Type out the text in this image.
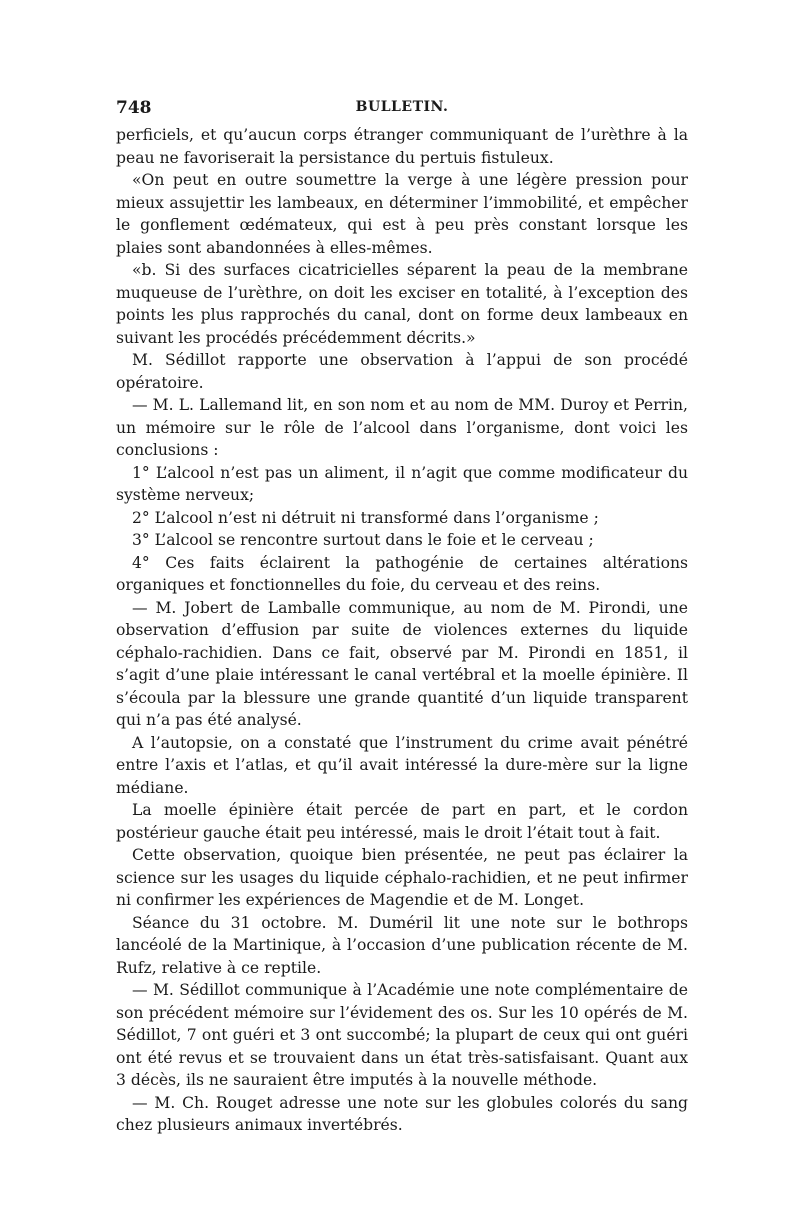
748	BULLETIN.

perficiels, et qu’aucun corps étranger communiquant de l’urèthre à la peau ne favoriserait la persistance du pertuis fistuleux.

«On peut en outre soumettre la verge à une légère pression pour mieux assujettir les lambeaux, en déterminer l’immobilité, et empêcher le gonflement œdémateux, qui est à peu près constant lorsque les plaies sont abandonnées à elles-mêmes.

«b. Si des surfaces cicatricielles séparent la peau de la membrane muqueuse de l’urèthre, on doit les exciser en totalité, à l’exception des points les plus rapprochés du canal, dont on forme deux lambeaux en suivant les procédés précédemment décrits.»

M. Sédillot rapporte une observation à l’appui de son procédé opératoire.

— M. L. Lallemand lit, en son nom et au nom de MM. Duroy et Perrin, un mémoire sur le rôle de l’alcool dans l’organisme, dont voici les conclusions :

1° L’alcool n’est pas un aliment, il n’agit que comme modificateur du système nerveux;

2° L’alcool n’est ni détruit ni transformé dans l’organisme ;

3° L’alcool se rencontre surtout dans le foie et le cerveau ;

4° Ces faits éclairent la pathogénie de certaines altérations organiques et fonctionnelles du foie, du cerveau et des reins.

— M. Jobert de Lamballe communique, au nom de M. Pirondi, une observation d’effusion par suite de violences externes du liquide céphalo-rachidien. Dans ce fait, observé par M. Pirondi en 1851, il s’agit d’une plaie intéressant le canal vertébral et la moelle épinière. Il s’écoula par la blessure une grande quantité d’un liquide transparent qui n’a pas été analysé.

A l’autopsie, on a constaté que l’instrument du crime avait pénétré entre l’axis et l’atlas, et qu’il avait intéressé la dure-mère sur la ligne médiane.

La moelle épinière était percée de part en part, et le cordon postérieur gauche était peu intéressé, mais le droit l’était tout à fait.

Cette observation, quoique bien présentée, ne peut pas éclairer la science sur les usages du liquide céphalo-rachidien, et ne peut infirmer ni confirmer les expériences de Magendie et de M. Longet.

Séance du 31 octobre. M. Duméril lit une note sur le bothrops lancéolé de la Martinique, à l’occasion d’une publication récente de M. Rufz, relative à ce reptile.

— M. Sédillot communique à l’Académie une note complémentaire de son précédent mémoire sur l’évidement des os. Sur les 10 opérés de M. Sédillot, 7 ont guéri et 3 ont succombé; la plupart de ceux qui ont guéri ont été revus et se trouvaient dans un état très-satisfaisant. Quant aux 3 décès, ils ne sauraient être imputés à la nouvelle méthode.

— M. Ch. Rouget adresse une note sur les globules colorés du sang chez plusieurs animaux invertébrés.
